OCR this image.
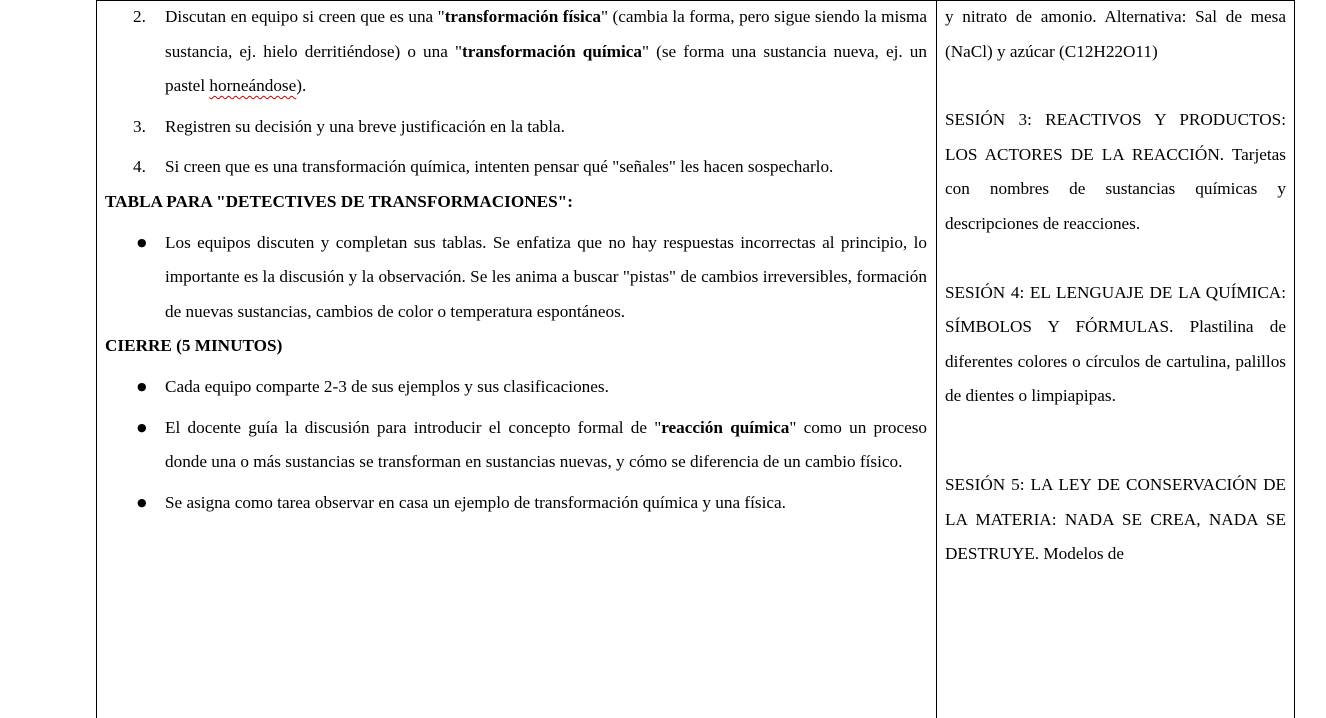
2.	Discutan en equipo si creen que es una "transformación física" (cambia la forma, pero sigue siendo la misma sustancia, ej. hielo derritiéndose) o una "transformación química" (se forma una sustancia nueva, ej. un pastel horneándose).

3.	Registren su decisión y una breve justificación en la tabla.

4.	Si creen que es una transformación química, intenten pensar qué "señales" les hacen sospecharlo.

TABLA PARA "DETECTIVES DE TRANSFORMACIONES":

●	Los equipos discuten y completan sus tablas. Se enfatiza que no hay respuestas incorrectas al principio, lo importante es la discusión y la observación. Se les anima a buscar "pistas" de cambios irreversibles, formación de nuevas sustancias, cambios de color o temperatura espontáneos.

CIERRE (5 MINUTOS)

●	Cada equipo comparte 2-3 de sus ejemplos y sus clasificaciones.

●	El docente guía la discusión para introducir el concepto formal de "reacción química" como un proceso donde una o más sustancias se transforman en sustancias nuevas, y cómo se diferencia de un cambio físico.

●	Se asigna como tarea observar en casa un ejemplo de transformación química y una física.

y nitrato de amonio. Alternativa: Sal de mesa (NaCl) y azúcar (C12H22O11)

SESIÓN 3: REACTIVOS Y PRODUCTOS: LOS ACTORES DE LA REACCIÓN. Tarjetas con nombres de sustancias químicas y descripciones de reacciones.

SESIÓN 4: EL LENGUAJE DE LA QUÍMICA: SÍMBOLOS Y FÓRMULAS. Plastilina de diferentes colores o círculos de cartulina, palillos de dientes o limpiapipas.

SESIÓN 5: LA LEY DE CONSERVACIÓN DE LA MATERIA: NADA SE CREA, NADA SE DESTRUYE. Modelos de
